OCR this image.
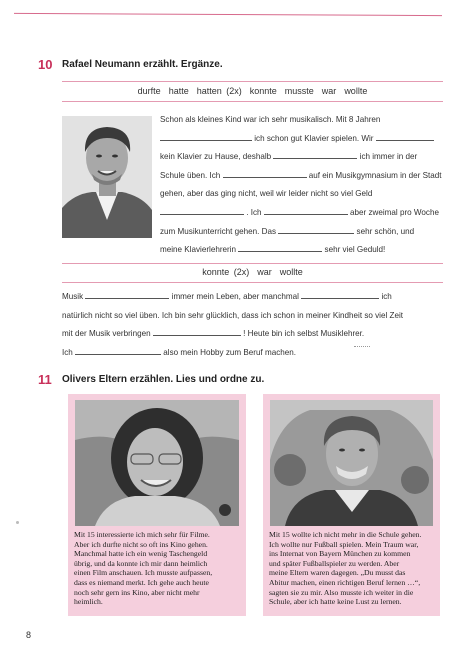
10 Rafael Neumann erzählt. Ergänze.
durfte hatte hatten (2x) konnte musste war wollte
Schon als kleines Kind war ich sehr musikalisch. Mit 8 Jahren
ich schon gut Klavier spielen. Wir
kein Klavier zu Hause, deshalb	ich immer in der
Schule üben. Ich	auf ein Musikgymnasium in der Stadt
gehen, aber das ging nicht, weil wir leider nicht so viel Geld
. Ich	aber zweimal pro Woche
zum Musikunterricht gehen. Das	sehr schön, und
meine Klavierlehrerin	sehr viel Geduld!
konnte (2x) war wollte
Musik	immer mein Leben, aber manchmal	ich
natürlich nicht so viel üben. Ich bin sehr glücklich, dass ich schon in meiner Kindheit so viel Zeit
mit der Musik verbringen	! Heute bin ich selbst Musiklehrer.
Ich	also mein Hobby zum Beruf machen.
11 Olivers Eltern erzählen. Lies und ordne zu.
Mit 15 interessierte ich mich sehr für Filme.
Aber ich durfte nicht so oft ins Kino gehen.
Manchmal hatte ich ein wenig Taschengeld
übrig, und da konnte ich mir dann heimlich
einen Film anschauen. Ich musste aufpassen,
dass es niemand merkt. Ich gehe auch heute
noch sehr gern ins Kino, aber nicht mehr
heimlich.
Mit 15 wollte ich nicht mehr in die Schule gehen.
Ich wollte nur Fußball spielen. Mein Traum war,
ins Internat von Bayern München zu kommen
und später Fußballspieler zu werden. Aber
meine Eltern waren dagegen. „Du musst das
Abitur machen, einen richtigen Beruf lernen …“,
sagten sie zu mir. Also musste ich weiter in die
Schule, aber ich hatte keine Lust zu lernen.
8
